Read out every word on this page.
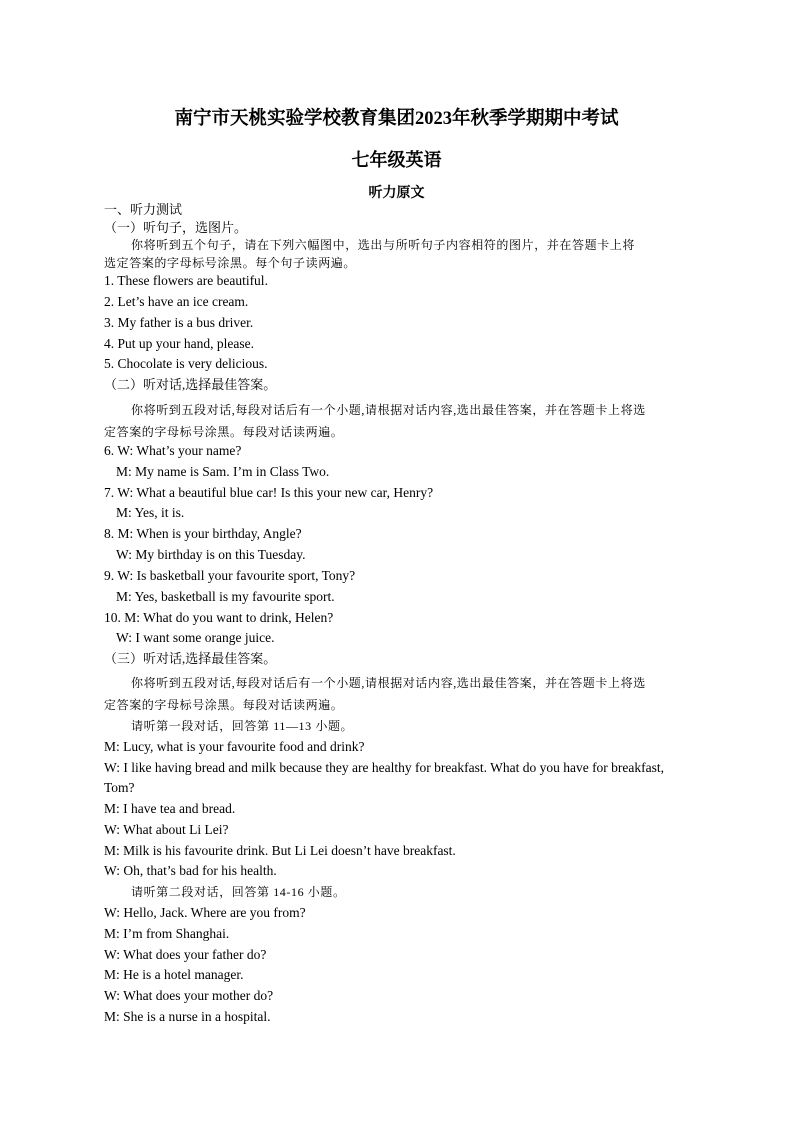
南宁市天桃实验学校教育集团2023年秋季学期期中考试
七年级英语
听力原文
一、听力测试
（一）听句子，选图片。
你将听到五个句子，请在下列六幅图中，选出与所听句子内容相符的图片，并在答题卡上将
选定答案的字母标号涂黑。每个句子读两遍。
1. These flowers are beautiful.
2. Let’s have an ice cream.
3. My father is a bus driver.
4. Put up your hand, please.
5. Chocolate is very delicious.
（二）听对话,选择最佳答案。
你将听到五段对话,每段对话后有一个小题,请根据对话内容,选出最佳答案，并在答题卡上将选
定答案的字母标号涂黑。每段对话读两遍。
6. W: What’s your name?
M: My name is Sam. I’m in Class Two.
7. W: What a beautiful blue car! Is this your new car, Henry?
M: Yes, it is.
8. M: When is your birthday, Angle?
W: My birthday is on this Tuesday.
9. W: Is basketball your favourite sport, Tony?
M: Yes, basketball is my favourite sport.
10. M: What do you want to drink, Helen?
W: I want some orange juice.
（三）听对话,选择最佳答案。
你将听到五段对话,每段对话后有一个小题,请根据对话内容,选出最佳答案，并在答题卡上将选
定答案的字母标号涂黑。每段对话读两遍。
请听第一段对话，回答第 11—13 小题。
M: Lucy, what is your favourite food and drink?
W: I like having bread and milk because they are healthy for breakfast. What do you have for breakfast,
Tom?
M: I have tea and bread.
W: What about Li Lei?
M: Milk is his favourite drink. But Li Lei doesn’t have breakfast.
W: Oh, that’s bad for his health.
请听第二段对话，回答第 14-16 小题。
W: Hello, Jack. Where are you from?
M: I’m from Shanghai.
W: What does your father do?
M: He is a hotel manager.
W: What does your mother do?
M: She is a nurse in a hospital.
